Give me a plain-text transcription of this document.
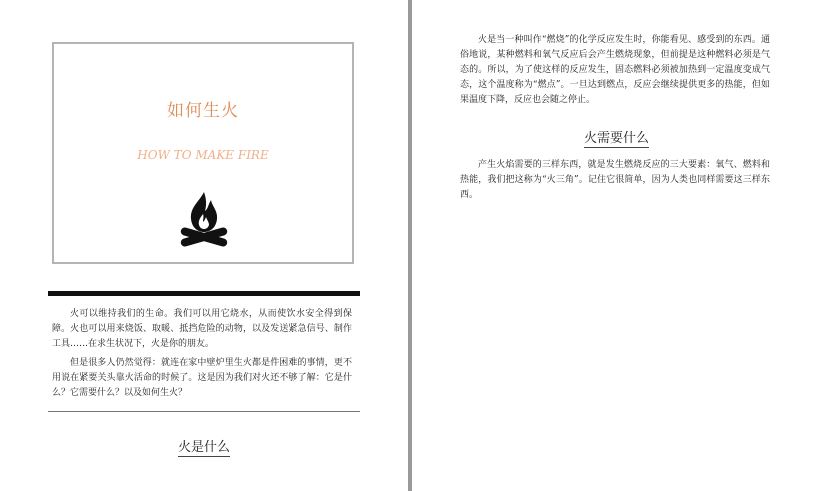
如何生火
HOW TO MAKE FIRE

火可以维持我们的生命。我们可以用它烧水，从而使饮水安全得到保障。火也可以用来烧饭、取暖、抵挡危险的动物，以及发送紧急信号、制作工具……在求生状况下，火是你的朋友。

但是很多人仍然觉得：就连在家中壁炉里生火都是件困难的事情，更不用说在紧要关头靠火活命的时候了。这是因为我们对火还不够了解：它是什么？它需要什么？以及如何生火？

火是什么

火是当一种叫作“燃烧”的化学反应发生时，你能看见、感受到的东西。通俗地说，某种燃料和氧气反应后会产生燃烧现象，但前提是这种燃料必须是气态的。所以，为了使这样的反应发生，固态燃料必须被加热到一定温度变成气态，这个温度称为“燃点”。一旦达到燃点，反应会继续提供更多的热能，但如果温度下降，反应也会随之停止。

火需要什么

产生火焰需要的三样东西，就是发生燃烧反应的三大要素：氧气、燃料和热能，我们把这称为“火三角”。记住它很简单，因为人类也同样需要这三样东西。
